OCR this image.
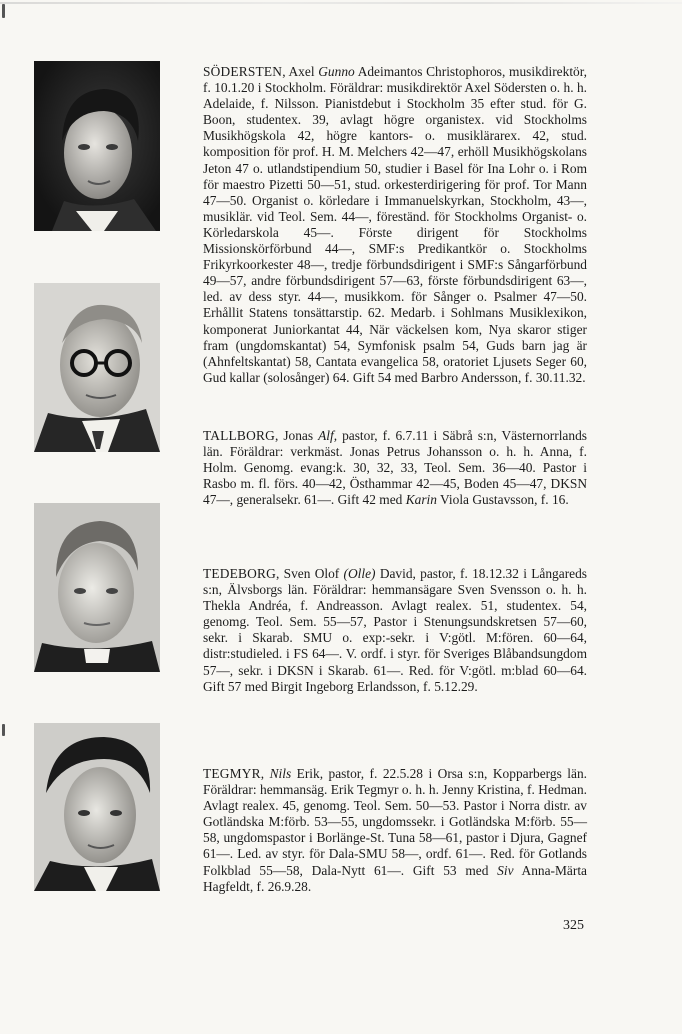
SÖDERSTEN, Axel Gunno Adeimantos Christophoros, musikdirektör, f. 10.1.20 i Stockholm. Föräldrar: musikdirektör Axel Södersten o. h. h. Adelaide, f. Nilsson. Pianistdebut i Stockholm 35 efter stud. för G. Boon, studentex. 39, avlagt högre organistex. vid Stockholms Musikhögskola 42, högre kantors- o. musiklärarex. 42, stud. komposition för prof. H. M. Melchers 42—47, erhöll Musikhögskolans Jeton 47 o. utlandstipendium 50, studier i Basel för Ina Lohr o. i Rom för maestro Pizetti 50—51, stud. orkesterdirigering för prof. Tor Mann 47—50. Organist o. körledare i Immanuelskyrkan, Stockholm, 43—, musiklär. vid Teol. Sem. 44—, föreständ. för Stockholms Organist- o. Körledarskola 45—. Förste dirigent för Stockholms Missionskörförbund 44—, SMF:s Predikantkör o. Stockholms Frikyrkoorkester 48—, tredje förbundsdirigent i SMF:s Sångarförbund 49—57, andre förbundsdirigent 57—63, förste förbundsdirigent 63—, led. av dess styr. 44—, musikkom. för Sånger o. Psalmer 47—50. Erhållit Statens tonsättarstip. 62. Medarb. i Sohlmans Musiklexikon, komponerat Juniorkantat 44, När väckelsen kom, Nya skaror stiger fram (ungdomskantat) 54, Symfonisk psalm 54, Guds barn jag är (Ahnfeltskantat) 58, Cantata evangelica 58, oratoriet Ljusets Seger 60, Gud kallar (solosånger) 64. Gift 54 med Barbro Andersson, f. 30.11.32.

TALLBORG, Jonas Alf, pastor, f. 6.7.11 i Säbrå s:n, Västernorrlands län. Föräldrar: verkmäst. Jonas Petrus Johansson o. h. h. Anna, f. Holm. Genomg. evang:k. 30, 32, 33, Teol. Sem. 36—40. Pastor i Rasbo m. fl. förs. 40—42, Östhammar 42—45, Boden 45—47, DKSN 47—, generalsekr. 61—. Gift 42 med Karin Viola Gustavsson, f. 16.

TEDEBORG, Sven Olof (Olle) David, pastor, f. 18.12.32 i Långareds s:n, Älvsborgs län. Föräldrar: hemmansägare Sven Svensson o. h. h. Thekla Andréa, f. Andreasson. Avlagt realex. 51, studentex. 54, genomg. Teol. Sem. 55—57, Pastor i Stenungsundskretsen 57—60, sekr. i Skarab. SMU o. exp:-sekr. i V:götl. M:fören. 60—64, distr:studieled. i FS 64—. V. ordf. i styr. för Sveriges Blåbandsungdom 57—, sekr. i DKSN i Skarab. 61—. Red. för V:götl. m:blad 60—64. Gift 57 med Birgit Ingeborg Erlandsson, f. 5.12.29.

TEGMYR, Nils Erik, pastor, f. 22.5.28 i Orsa s:n, Kopparbergs län. Föräldrar: hemmansäg. Erik Tegmyr o. h. h. Jenny Kristina, f. Hedman. Avlagt realex. 45, genomg. Teol. Sem. 50—53. Pastor i Norra distr. av Gotländska M:förb. 53—55, ungdomssekr. i Gotländska M:förb. 55—58, ungdomspastor i Borlänge-St. Tuna 58—61, pastor i Djura, Gagnef 61—. Led. av styr. för Dala-SMU 58—, ordf. 61—. Red. för Gotlands Folkblad 55—58, Dala-Nytt 61—. Gift 53 med Siv Anna-Märta Hagfeldt, f. 26.9.28.

325
